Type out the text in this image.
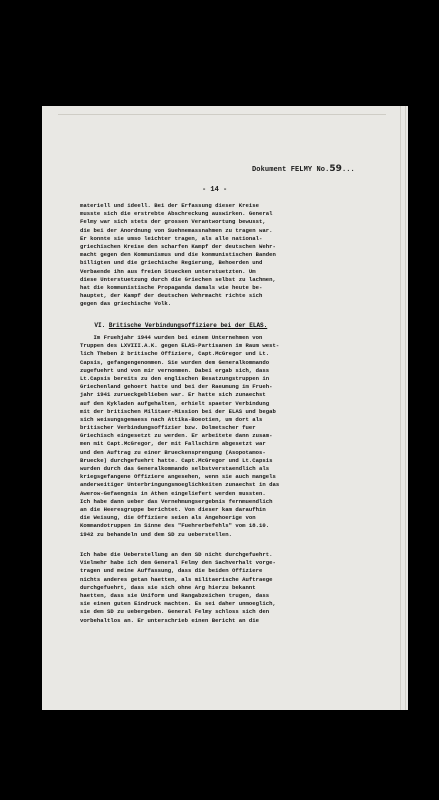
Dokument FELMY No.59...
- 14 -
materiell und ideell. Bei der Erfassung dieser Kreise
musste sich die erstrebte Abschreckung auswirken. General
Felmy war sich stets der grossen Verantwortung bewusst,
die bei der Anordnung von Suehnemassnahmen zu tragen war.
Er konnte sie umso leichter tragen, als alle national-
griechischen Kreise den scharfen Kampf der deutschen Wehr-
macht gegen den Kommunismus und die kommunistischen Banden
billigten und die griechische Regierung, Behoerden und
Verbaende ihn aus freien Stuecken unterstuetzten. Um
diese Unterstuetzung durch die Griechen selbst zu lachmen,
hat die kommunistische Propaganda damals wie heute be-
hauptet, der Kampf der deutschen Wehrmacht richte sich
gegen das griechische Volk.

VI. Britische Verbindungsoffiziere bei der ELAS.

Im Fruehjahr 1944 wurden bei einem Unternehmen von
Truppen des LXVIII.A.K. gegen ELAS-Partisanen im Raum west-
lich Theben 2 britische Offiziere, Capt.McGregor und Lt.
Capsis, gefangengenommen. Sie wurden dem Generalkommando
zugefuehrt und von mir vernommen. Dabei ergab sich, dass
Lt.Capsis bereits zu den englischen Besatzungstruppen in
Griechenland gehoert hatte und bei der Raeumung im Frueh-
jahr 1941 zurueckgeblieben war. Er hatte sich zunaechst
auf den Kykladen aufgehalten, erhielt spaeter Verbindung
mit der britischen Militaer-Mission bei der ELAS und begab
sich weisungsgemaess nach Attika-Boeotien, um dort als
britischer Verbindungsoffizier bzw. Dolmetscher fuer
Griechisch eingesetzt zu werden. Er arbeitete dann zusam-
men mit Capt.McGregor, der mit Fallschirm abgesetzt war
und den Auftrag zu einer Brueckensprengung (Asopotamos-
Bruecke) durchgefuehrt hatte. Capt.McGregor und Lt.Capsis
wurden durch das Generalkommando selbstverstaendlich als
kriegsgefangene Offiziere angesehen, wenn sie auch mangels
anderweitiger Unterbringungsmoeglichkeiten zunaechst in das
Awerow-Gefaengnis in Athen eingeliefert werden mussten.
Ich habe dann ueber das Vernehmungsergebnis fernmuendlich
an die Heeresgruppe berichtet. Von dieser kam daraufhin
die Weisung, die Offiziere seien als Angehoerige von
Kommandotruppen im Sinne des "Fuehrerbefehls" vom 18.10.
1942 zu behandeln und dem SD zu ueberstellen.
Ich habe die Ueberstellung an den SD nicht durchgefuehrt.
Vielmehr habe ich dem General Felmy den Sachverhalt vorge-
tragen und meine Auffassung, dass die beiden Offiziere
nichts anderes getan haetten, als militaerische Auftraege
durchgefuehrt, dass sie sich ohne Arg hierzu bekannt
haetten, dass sie Uniform und Rangabzeichen trugen, dass
sie einen guten Eindruck machten. Es sei daher unmoeglich,
sie dem SD zu uebergeben. General Felmy schloss sich den
vorbehaltlos an. Er unterschrieb einen Bericht an die
